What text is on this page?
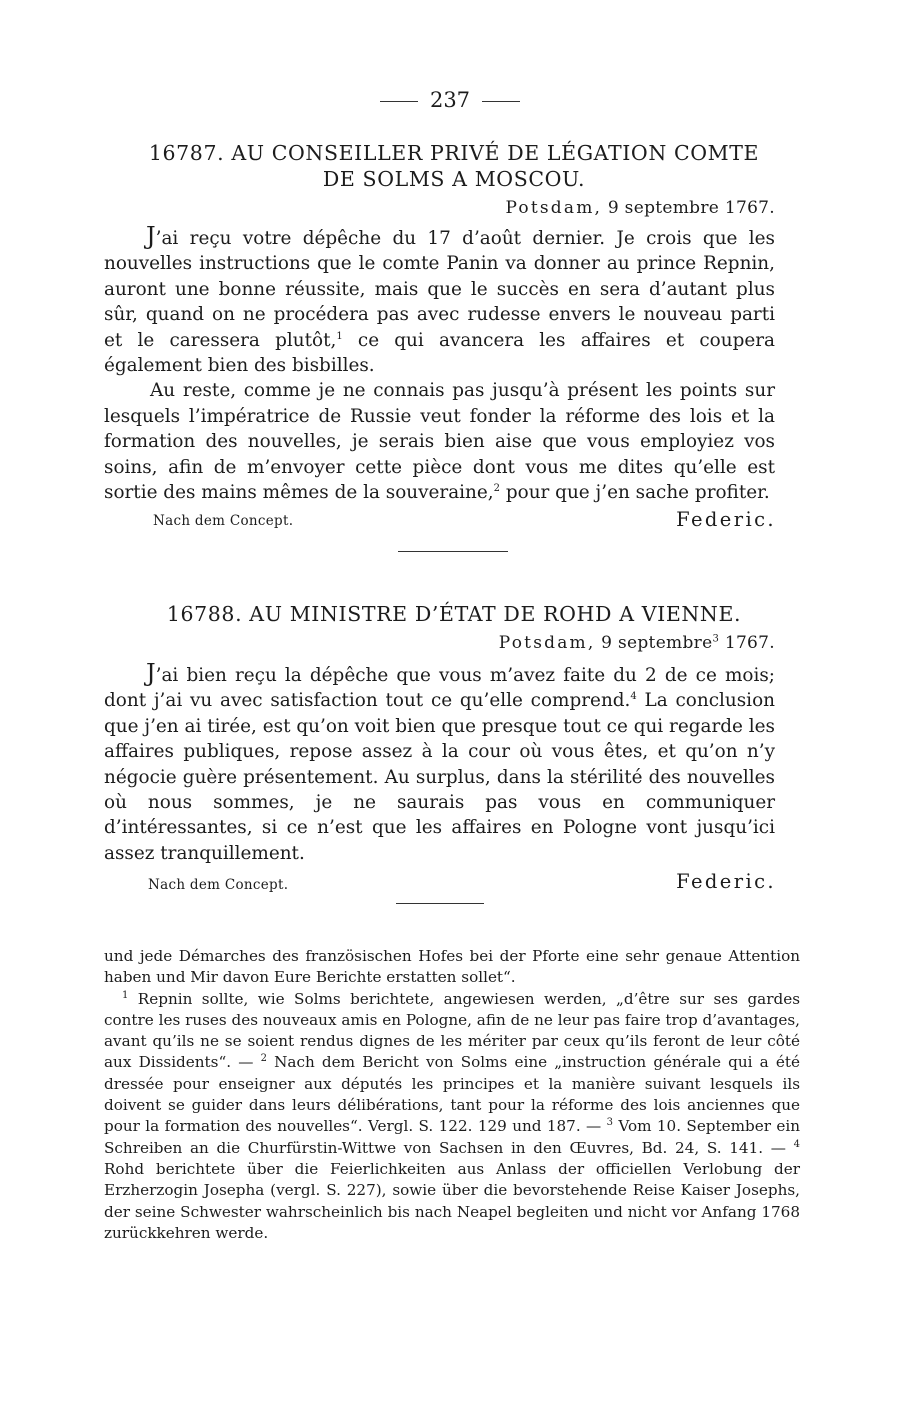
237
16787. AU CONSEILLER PRIVÉ DE LÉGATION COMTE
DE SOLMS A MOSCOU.
Potsdam, 9 septembre 1767.

J’ai reçu votre dépêche du 17 d’août dernier. Je crois que les nouvelles instructions que le comte Panin va donner au prince Repnin, auront une bonne réussite, mais que le succès en sera d’autant plus sûr, quand on ne procédera pas avec rudesse envers le nouveau parti et le caressera plutôt,$^1$ ce qui avancera les affaires et coupera également bien des bisbilles.

Au reste, comme je ne connais pas jusqu’à présent les points sur lesquels l’impératrice de Russie veut fonder la réforme des lois et la formation des nouvelles, je serais bien aise que vous employiez vos soins, afin de m’envoyer cette pièce dont vous me dites qu’elle est sortie des mains mêmes de la souveraine,$^2$ pour que j’en sache profiter.

Nach dem Concept.	Federic.
16788. AU MINISTRE D’ÉTAT DE ROHD A VIENNE.
Potsdam, 9 septembre$^3$ 1767.

J’ai bien reçu la dépêche que vous m’avez faite du 2 de ce mois; dont j’ai vu avec satisfaction tout ce qu’elle comprend.$^4$ La conclusion que j’en ai tirée, est qu’on voit bien que presque tout ce qui regarde les affaires publiques, repose assez à la cour où vous êtes, et qu’on n’y négocie guère présentement. Au surplus, dans la stérilité des nouvelles où nous sommes, je ne saurais pas vous en communiquer d’intéressantes, si ce n’est que les affaires en Pologne vont jusqu’ici assez tranquillement.

Nach dem Concept.	Federic.

und jede Démarches des französischen Hofes bei der Pforte eine sehr genaue Attention haben und Mir davon Eure Berichte erstatten sollet“.

$^1$ Repnin sollte, wie Solms berichtete, angewiesen werden, „d’être sur ses gardes contre les ruses des nouveaux amis en Pologne, afin de ne leur pas faire trop d’avantages, avant qu’ils ne se soient rendus dignes de les mériter par ceux qu’ils feront de leur côté aux Dissidents“. — $^2$ Nach dem Bericht von Solms eine „instruction générale qui a été dressée pour enseigner aux députés les principes et la manière suivant lesquels ils doivent se guider dans leurs délibérations, tant pour la réforme des lois anciennes que pour la formation des nouvelles“. Vergl. S. 122. 129 und 187. — $^3$ Vom 10. September ein Schreiben an die Churfürstin-Wittwe von Sachsen in den Œuvres, Bd. 24, S. 141. — $^4$ Rohd berichtete über die Feierlichkeiten aus Anlass der officiellen Verlobung der Erzherzogin Josepha (vergl. S. 227), sowie über die bevorstehende Reise Kaiser Josephs, der seine Schwester wahrscheinlich bis nach Neapel begleiten und nicht vor Anfang 1768 zurückkehren werde.
